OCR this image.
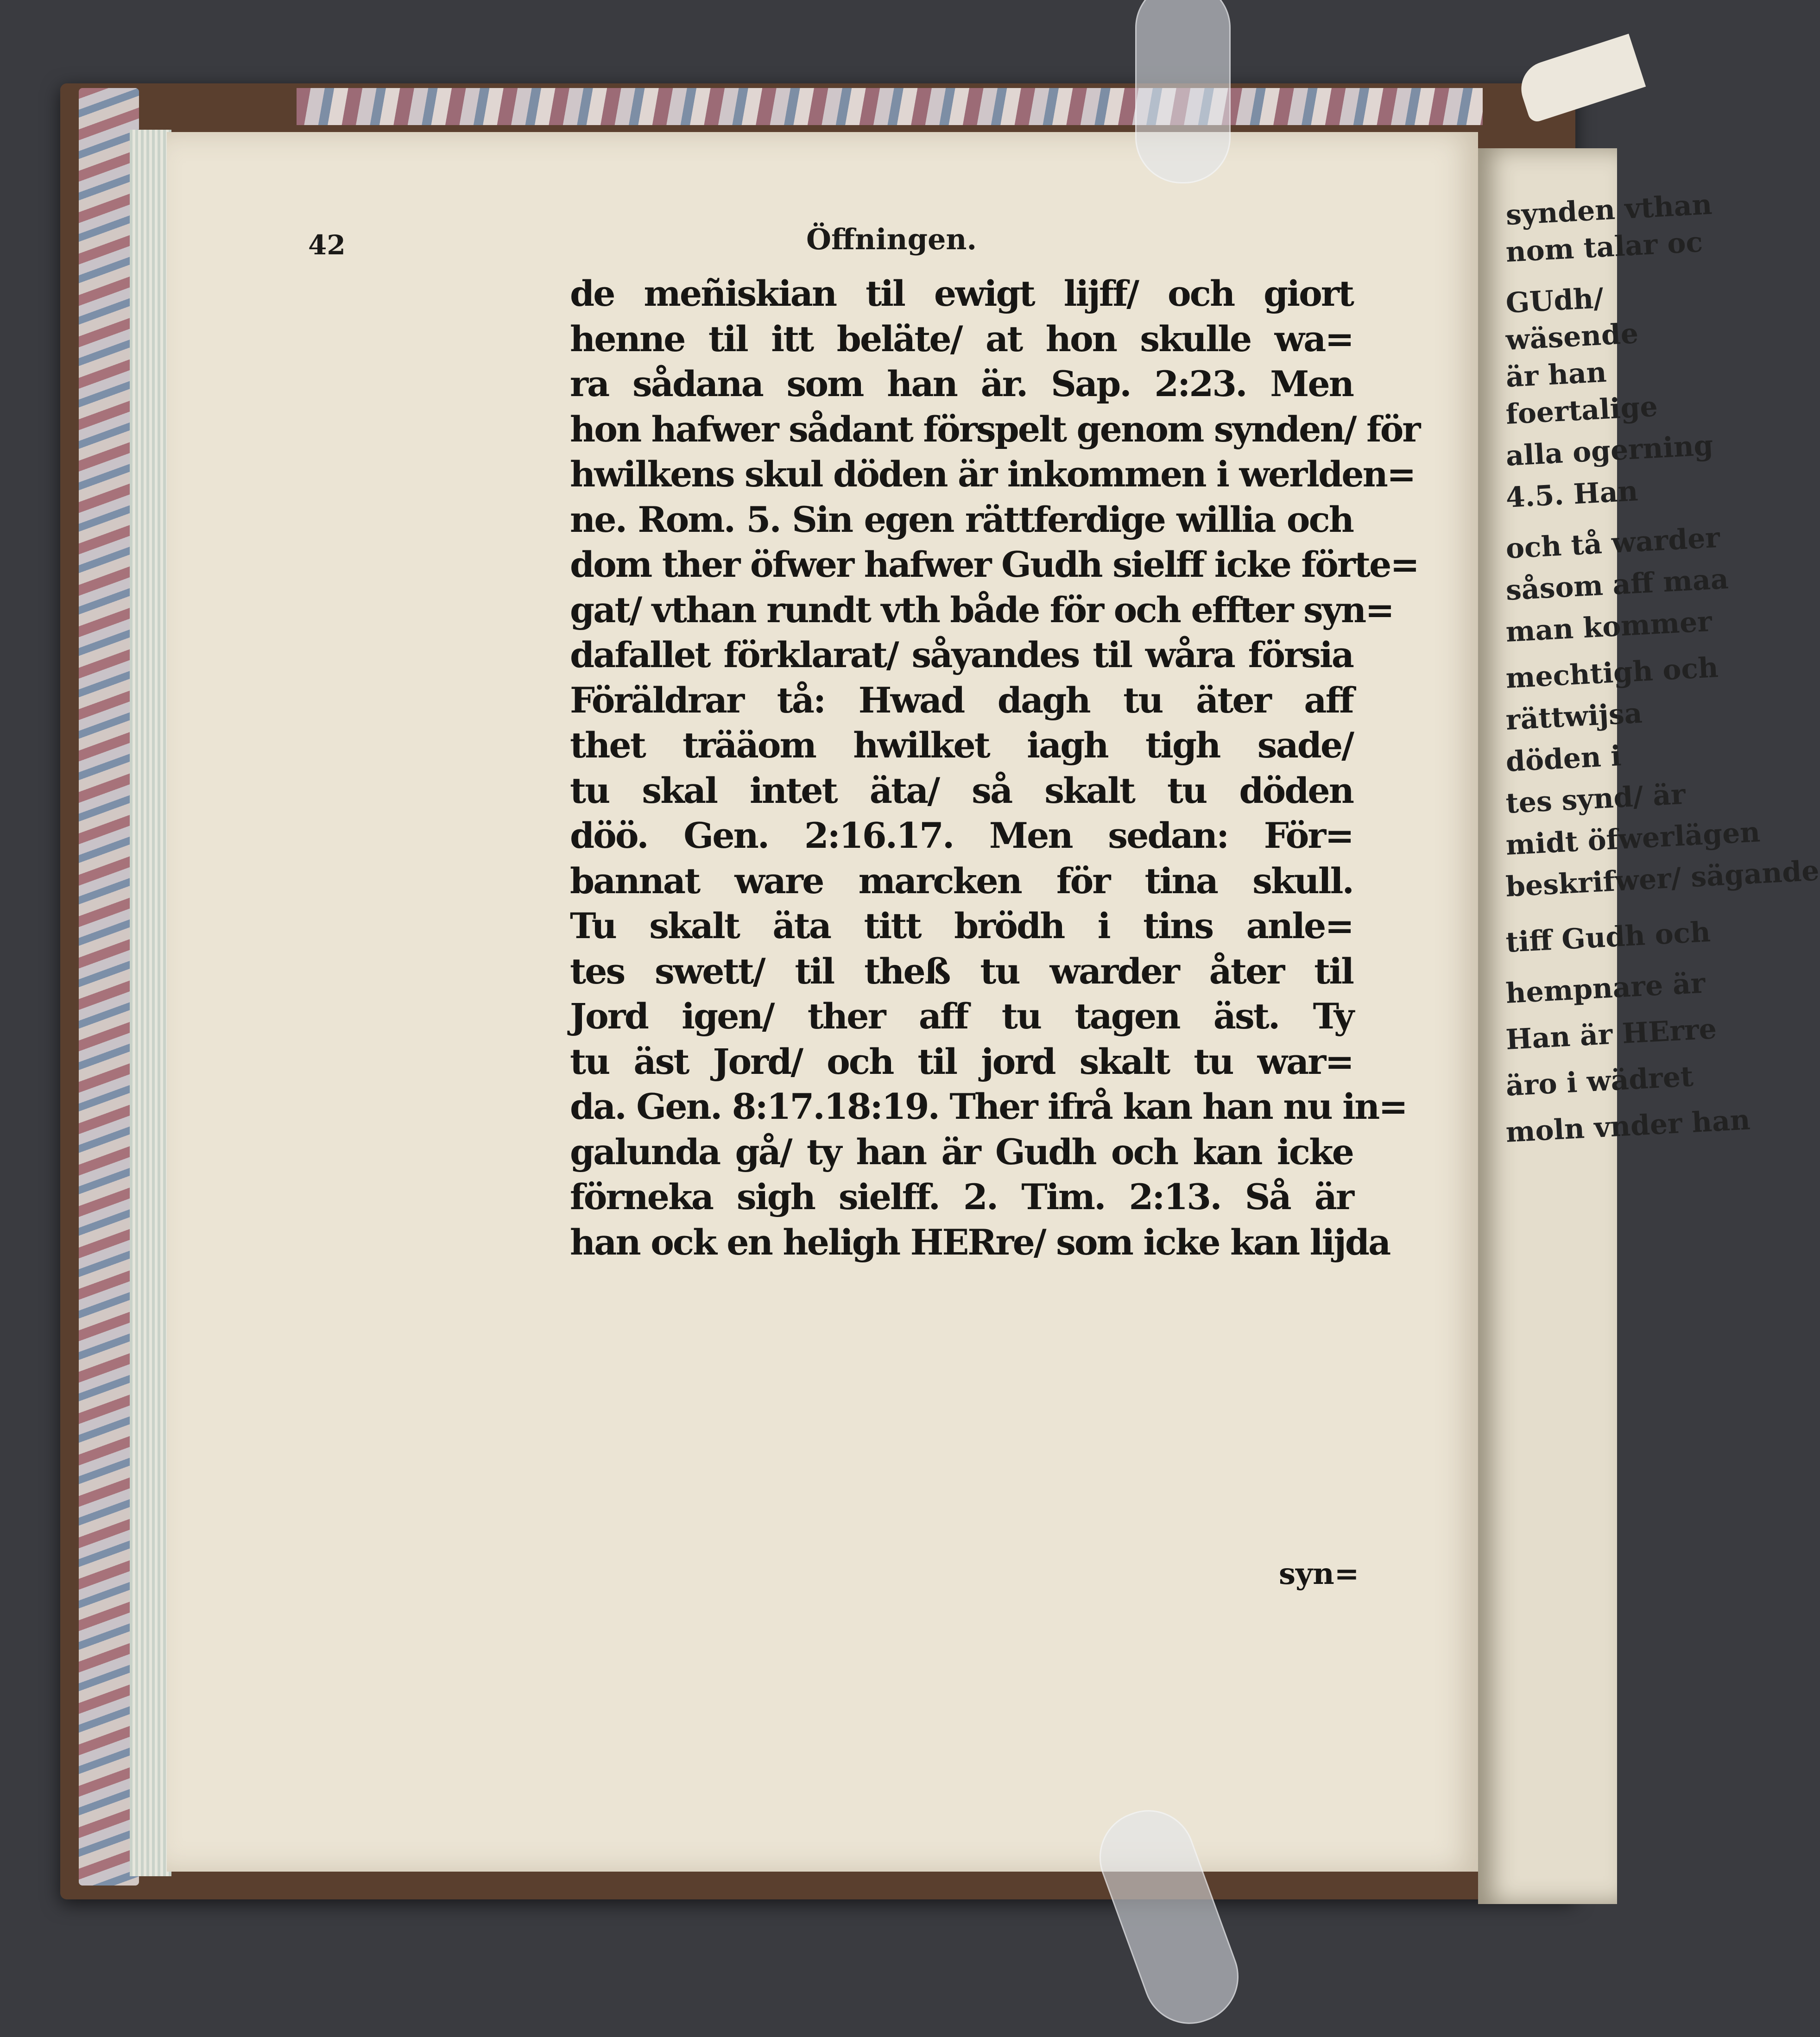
synden vthan
nom talar oc
GUdh/
wäsende
är han
foertalige
alla ogerning
4.5. Han
och tå warder
såsom aff maa
man kommer
mechtigh och
rättwijsa
döden i
tes synd/ är
midt öfwerlägen
beskrifwer/ sägande
tiff Gudh och
hempnare är
Han är HErre
äro i wädret
moln vnder han
42	Öffningen.
de meñiskian til ewigt lijff/ och giort
henne til itt beläte/ at hon skulle wa=
ra sådana som han är. Sap. 2:23. Men
hon hafwer sådant förspelt genom synden/ för
hwilkens skul döden är inkommen i werlden=
ne. Rom. 5. Sin egen rättferdige willia och
dom ther öfwer hafwer Gudh sielff icke förte=
gat/ vthan rundt vth både för och effter syn=
dafallet förklarat/ såyandes til wåra försia
Föräldrar tå: Hwad dagh tu äter aff
thet trääom hwilket iagh tigh sade/
tu skal intet äta/ så skalt tu döden
döö. Gen. 2:16.17. Men sedan: För=
bannat ware marcken för tina skull.
Tu skalt äta titt brödh i tins anle=
tes swett/ til theß tu warder åter til
Jord igen/ ther aff tu tagen äst. Ty
tu äst Jord/ och til jord skalt tu war=
da. Gen. 8:17.18:19. Ther ifrå kan han nu in=
galunda gå/ ty han är Gudh och kan icke
förneka sigh sielff. 2. Tim. 2:13. Så är
han ock en heligh HERre/ som icke kan lijda
syn=
